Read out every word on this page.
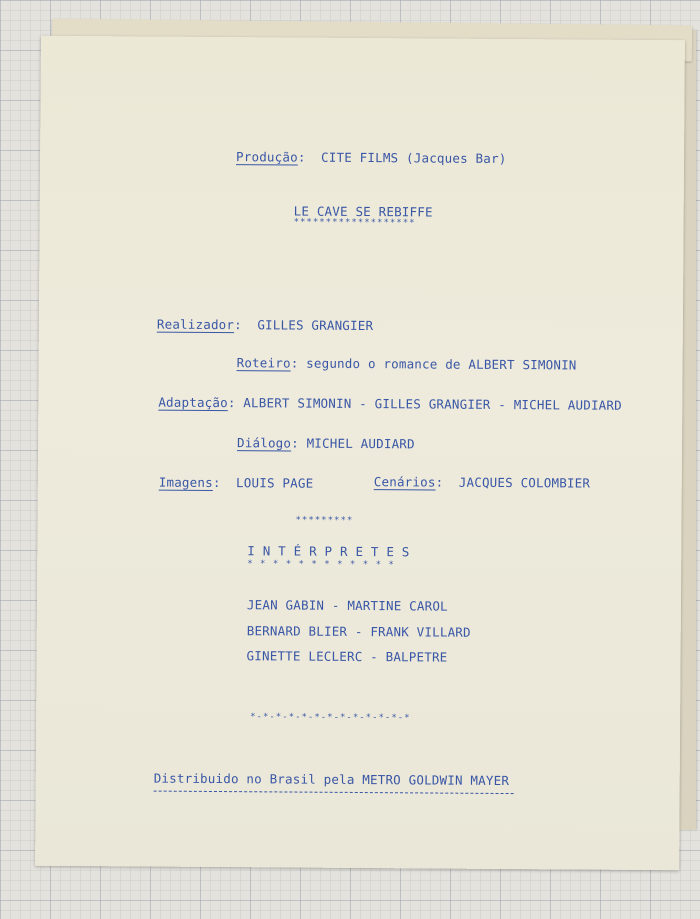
Produção:  CITE FILMS (Jacques Bar)
LE CAVE SE REBIFFE
*******************
Realizador:  GILLES GRANGIER
Roteiro: segundo o romance de ALBERT SIMONIN
Adaptação: ALBERT SIMONIN - GILLES GRANGIER - MICHEL AUDIARD
Diálogo: MICHEL AUDIARD
Imagens:  LOUIS PAGE	Cenários:  JACQUES COLOMBIER
*********
I N T É R P R E T E S
* * * * * * * * * * * *
JEAN GABIN - MARTINE CAROL
BERNARD BLIER - FRANK VILLARD
GINETTE LECLERC - BALPETRE
*-*-*-*-*-*-*-*-*-*-*-*-*
Distribuido no Brasil pela METRO GOLDWIN MAYER
